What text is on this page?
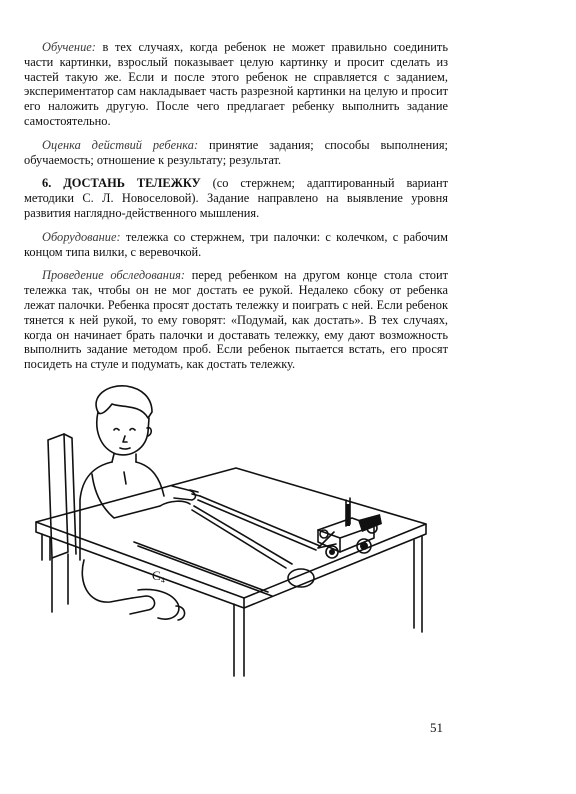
Обучение: в тех случаях, когда ребенок не может правильно соединить части картинки, взрослый показывает целую картинку и просит сделать из частей такую же. Если и после этого ребенок не справляется с заданием, экспериментатор сам накладывает часть разрезной картинки на целую и просит его наложить другую. После чего предлагает ребенку выполнить задание самостоятельно.

Оценка действий ребенка: принятие задания; способы выполнения; обучаемость; отношение к результату; результат.

6. ДОСТАНЬ ТЕЛЕЖКУ (со стержнем; адаптированный вариант методики С. Л. Новоселовой). Задание направлено на выявление уровня развития наглядно-действенного мышления.

Оборудование: тележка со стержнем, три палочки: с колечком, с рабочим концом типа вилки, с веревочкой.

Проведение обследования: перед ребенком на другом конце стола стоит тележка так, чтобы он не мог достать ее рукой. Недалеко сбоку от ребенка лежат палочки. Ребенка просят достать тележку и поиграть с ней. Если ребенок тянется к ней рукой, то ему говорят: «Подумай, как достать». В тех случаях, когда он начинает брать палочки и доставать тележку, ему дают возможность выполнить задание методом проб. Если ребенок пытается встать, его просят посидеть на стуле и подумать, как достать тележку.

C₄
51
